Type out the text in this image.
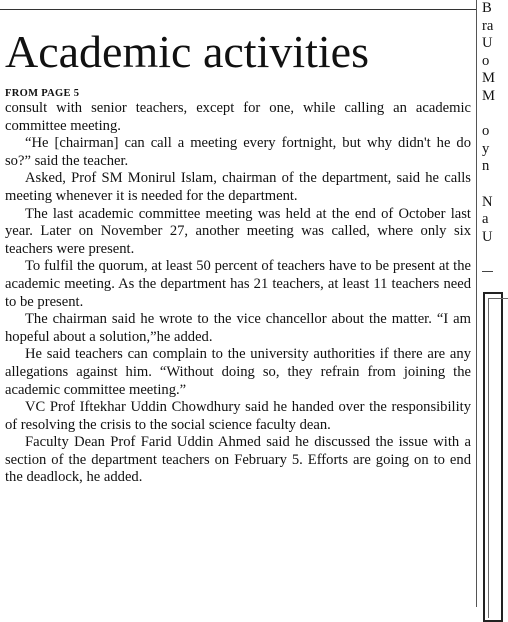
Academic activities
FROM PAGE 5

consult with senior teachers, except for one, while calling an academic committee meeting.

“He [chairman] can call a meeting every fortnight, but why didn't he do so?” said the teacher.

Asked, Prof SM Monirul Islam, chairman of the department, said he calls meeting whenever it is needed for the department.

The last academic committee meeting was held at the end of October last year. Later on November 27, another meeting was called, where only six teachers were present.

To fulfil the quorum, at least 50 percent of teachers have to be present at the academic meeting. As the department has 21 teachers, at least 11 teachers need to be present.

The chairman said he wrote to the vice chancellor about the matter. “I am hopeful about a solution,”he added.

He said teachers can complain to the university authorities if there are any allegations against him. “Without doing so, they refrain from joining the academic committee meeting.”

VC Prof Iftekhar Uddin Chowdhury said he handed over the responsibility of resolving the crisis to the social science faculty dean.

Faculty Dean Prof Farid Uddin Ahmed said he discussed the issue with a section of the department teachers on February 5. Efforts are going on to end the deadlock, he added.

B
ra
U
o
M
M
o
y
n
N
a
U
